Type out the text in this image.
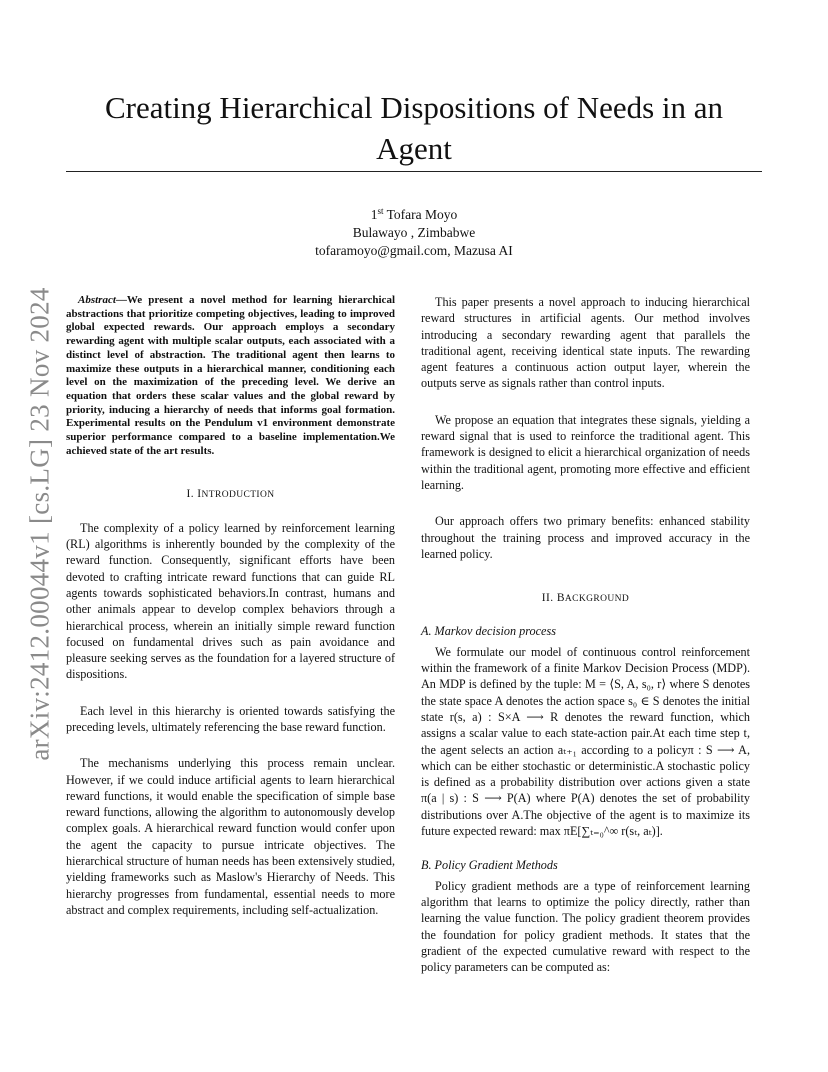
Creating Hierarchical Dispositions of Needs in an Agent
1st Tofara Moyo
Bulawayo , Zimbabwe
tofaramoyo@gmail.com, Mazusa AI
arXiv:2412.00044v1 [cs.LG] 23 Nov 2024	Abstract—We present a novel method for learning hierarchical abstractions that prioritize competing objectives, leading to improved global expected rewards. Our approach employs a secondary rewarding agent with multiple scalar outputs, each associated with a distinct level of abstraction. The traditional agent then learns to maximize these outputs in a hierarchical manner, conditioning each level on the maximization of the preceding level. We derive an equation that orders these scalar values and the global reward by priority, inducing a hierarchy of needs that informs goal formation. Experimental results on the Pendulum v1 environment demonstrate superior performance compared to a baseline implementation.We achieved state of the art results.

I. INTRODUCTION

The complexity of a policy learned by reinforcement learning (RL) algorithms is inherently bounded by the complexity of the reward function. Consequently, significant efforts have been devoted to crafting intricate reward functions that can guide RL agents towards sophisticated behaviors.In contrast, humans and other animals appear to develop complex behaviors through a hierarchical process, wherein an initially simple reward function focused on fundamental drives such as pain avoidance and pleasure seeking serves as the foundation for a layered structure of dispositions.

Each level in this hierarchy is oriented towards satisfying the preceding levels, ultimately referencing the base reward function.

The mechanisms underlying this process remain unclear. However, if we could induce artificial agents to learn hierarchical reward functions, it would enable the specification of simple base reward functions, allowing the algorithm to autonomously develop complex goals. A hierarchical reward function would confer upon the agent the capacity to pursue intricate objectives. The hierarchical structure of human needs has been extensively studied, yielding frameworks such as Maslow's Hierarchy of Needs. This hierarchy progresses from fundamental, essential needs to more abstract and complex requirements, including self-actualization.

This paper presents a novel approach to inducing hierarchical reward structures in artificial agents. Our method involves introducing a secondary rewarding agent that parallels the traditional agent, receiving identical state inputs. The rewarding agent features a continuous action output layer, wherein the outputs serve as signals rather than control inputs.

We propose an equation that integrates these signals, yielding a reward signal that is used to reinforce the traditional agent. This framework is designed to elicit a hierarchical organization of needs within the traditional agent, promoting more effective and efficient learning.

Our approach offers two primary benefits: enhanced stability throughout the training process and improved accuracy in the learned policy.

II. BACKGROUND
A. Markov decision process

We formulate our model of continuous control reinforcement within the framework of a finite Markov Decision Process (MDP). An MDP is defined by the tuple: M = ⟨S, A, s₀, r⟩ where S denotes the state space A denotes the action space s₀ ∈ S denotes the initial state r(s, a) : S×A ⟶ R denotes the reward function, which assigns a scalar value to each state-action pair.At each time step t, the agent selects an action aₜ₊₁ according to a policyπ : S ⟶ A, which can be either stochastic or deterministic.A stochastic policy is defined as a probability distribution over actions given a state π(a | s) : S ⟶ P(A) where P(A) denotes the set of probability distributions over A.The objective of the agent is to maximize its future expected reward: max πE[∑ₜ₌₀^∞ r(sₜ, aₜ)].

B. Policy Gradient Methods

Policy gradient methods are a type of reinforcement learning algorithm that learns to optimize the policy directly, rather than learning the value function. The policy gradient theorem provides the foundation for policy gradient methods. It states that the gradient of the expected cumulative reward with respect to the policy parameters can be computed as:
